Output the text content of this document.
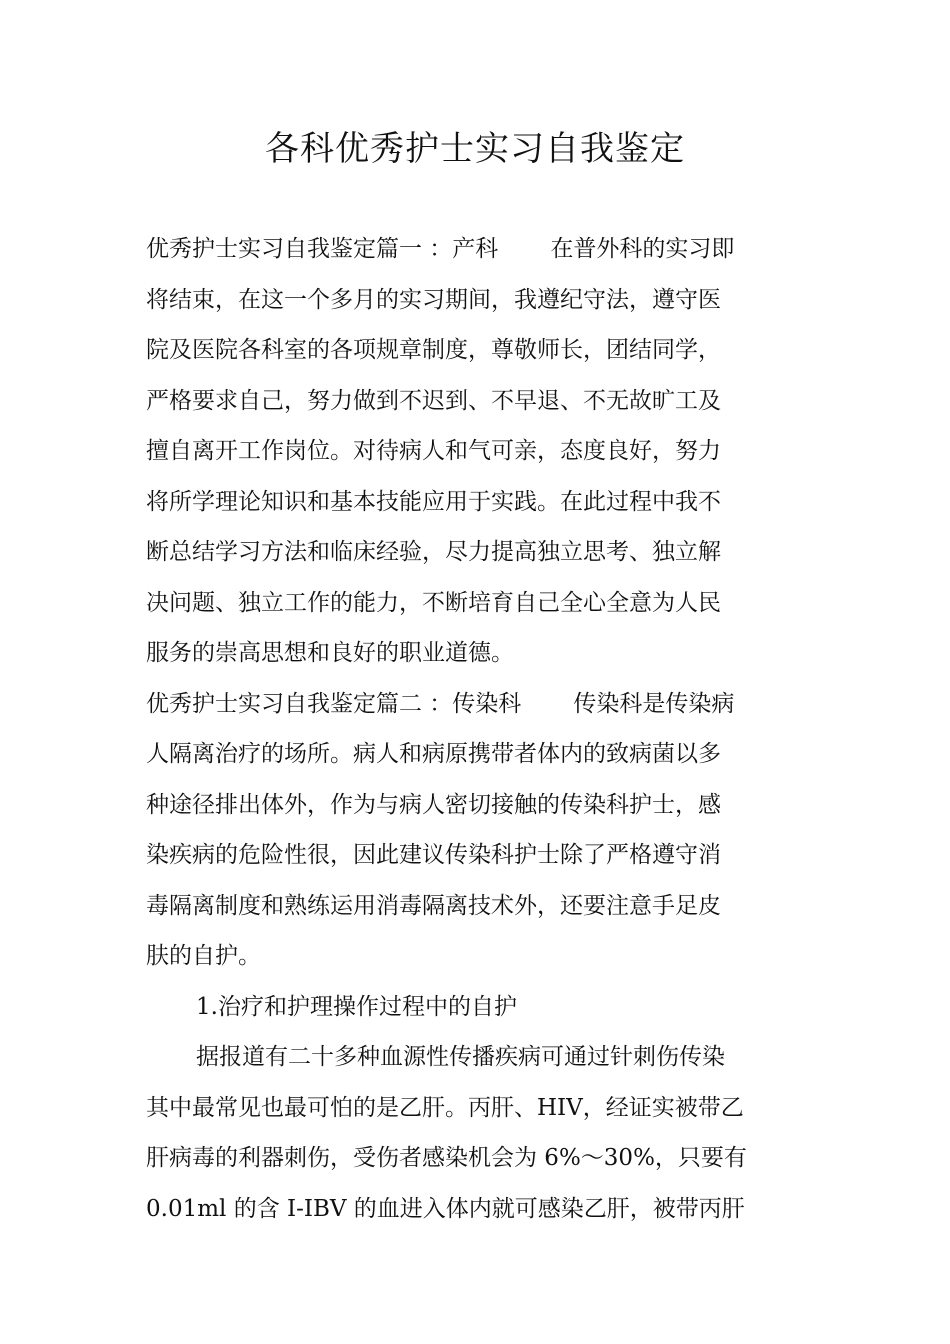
各科优秀护士实习自我鉴定
优秀护士实习自我鉴定篇一 ：产科 在普外科的实习即
将结束，在这一个多月的实习期间，我遵纪守法，遵守医
院及医院各科室的各项规章制度，尊敬师长，团结同学，
严格要求自己，努力做到不迟到、不早退、不无故旷工及
擅自离开工作岗位。对待病人和气可亲，态度良好，努力
将所学理论知识和基本技能应用于实践。在此过程中我不
断总结学习方法和临床经验，尽力提高独立思考、独立解
决问题、独立工作的能力，不断培育自己全心全意为人民
服务的崇高思想和良好的职业道德。
优秀护士实习自我鉴定篇二 ：传染科 传染科是传染病
人隔离治疗的场所。病人和病原携带者体内的致病菌以多
种途径排出体外，作为与病人密切接触的传染科护士，感
染疾病的危险性很，因此建议传染科护士除了严格遵守消
毒隔离制度和熟练运用消毒隔离技术外，还要注意手足皮
肤的自护。
1.治疗和护理操作过程中的自护
据报道有二十多种血源性传播疾病可通过针刺伤传染
其中最常见也最可怕的是乙肝。丙肝、HIV，经证实被带乙
肝病毒的利器刺伤，受伤者感染机会为 6%～30%，只要有
0.01ml 的含 I-IBV 的血进入体内就可感染乙肝，被带丙肝
